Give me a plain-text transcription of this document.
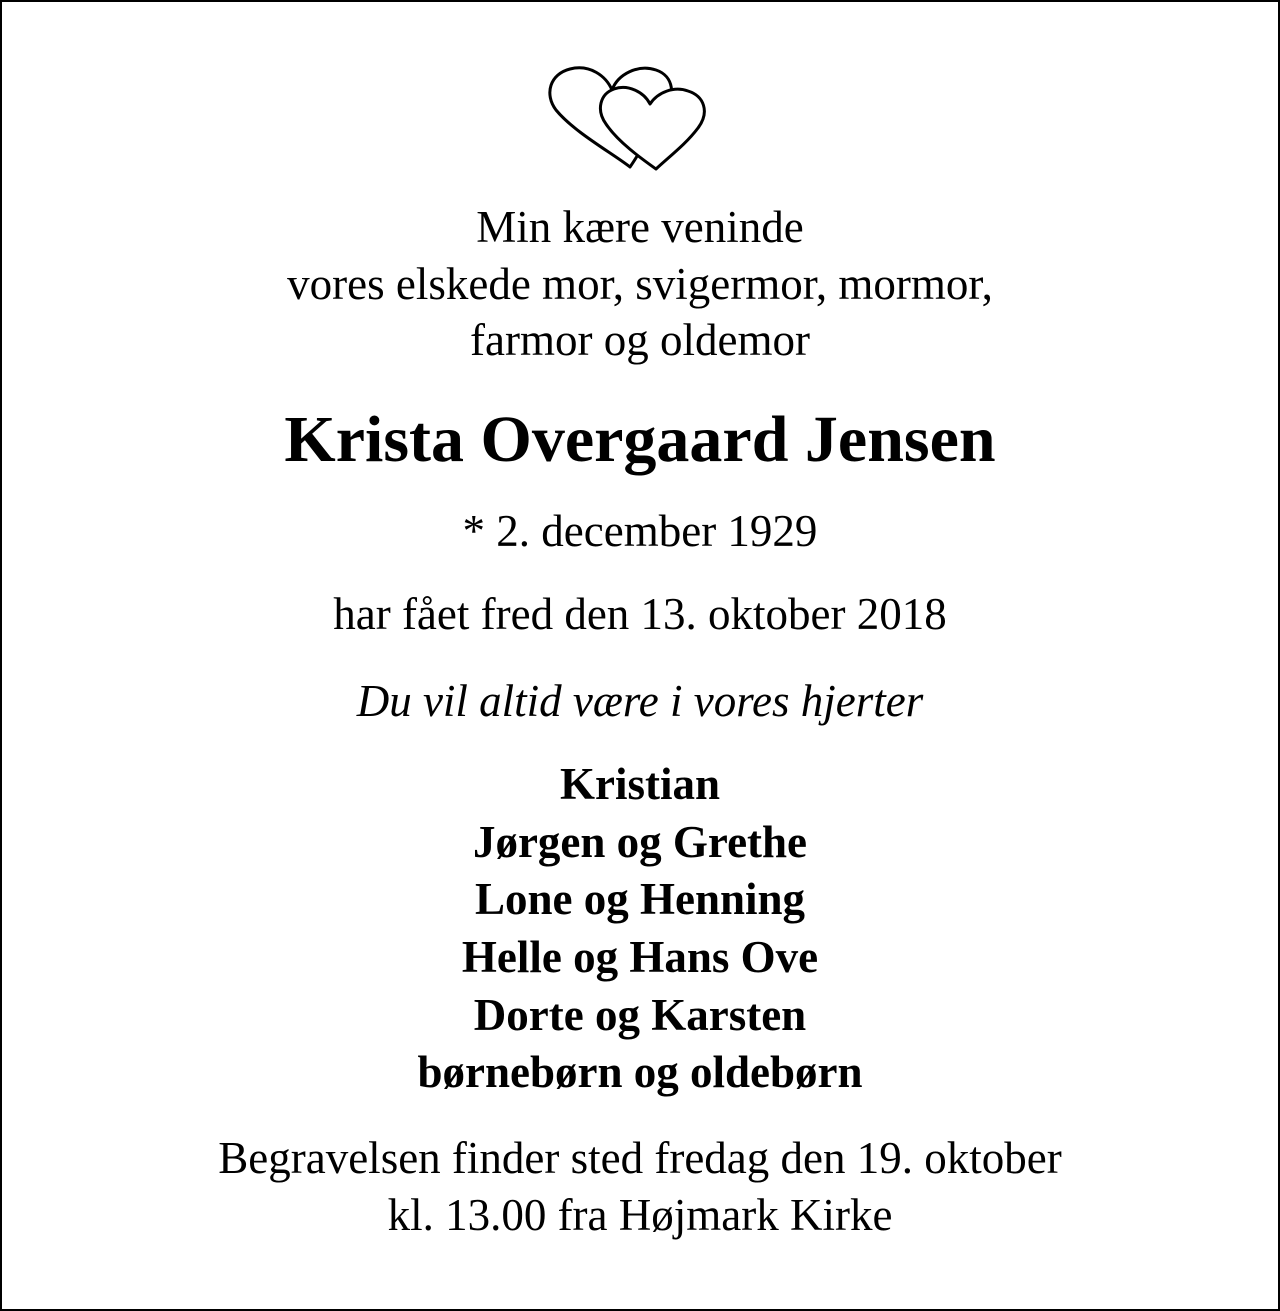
Min kære veninde
vores elskede mor, svigermor, mormor,
farmor og oldemor
Krista Overgaard Jensen
* 2. december 1929
har fået fred den 13. oktober 2018
Du vil altid være i vores hjerter
Kristian
Jørgen og Grethe
Lone og Henning
Helle og Hans Ove
Dorte og Karsten
børnebørn og oldebørn
Begravelsen finder sted fredag den 19. oktober
kl. 13.00 fra Højmark Kirke
